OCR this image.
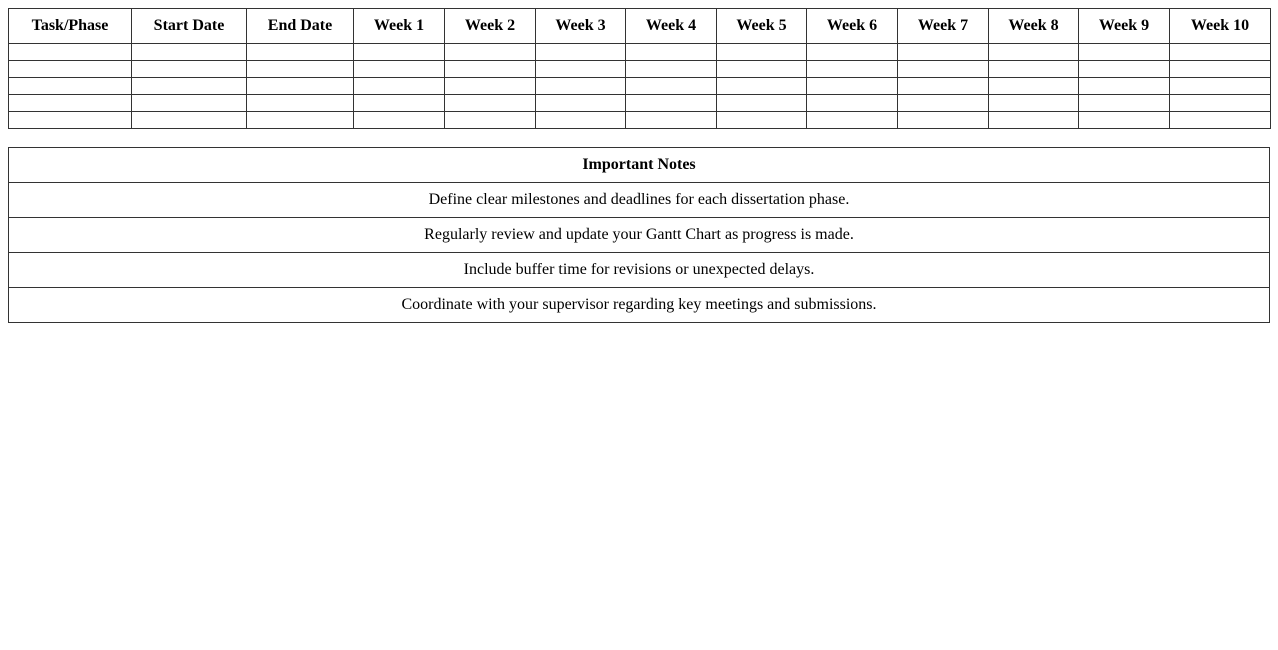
Task/Phase	Start Date	End Date	Week 1	Week 2	Week 3	Week 4	Week 5	Week 6	Week 7	Week 8	Week 9	Week 10

Important Notes
Define clear milestones and deadlines for each dissertation phase.
Regularly review and update your Gantt Chart as progress is made.
Include buffer time for revisions or unexpected delays.
Coordinate with your supervisor regarding key meetings and submissions.
